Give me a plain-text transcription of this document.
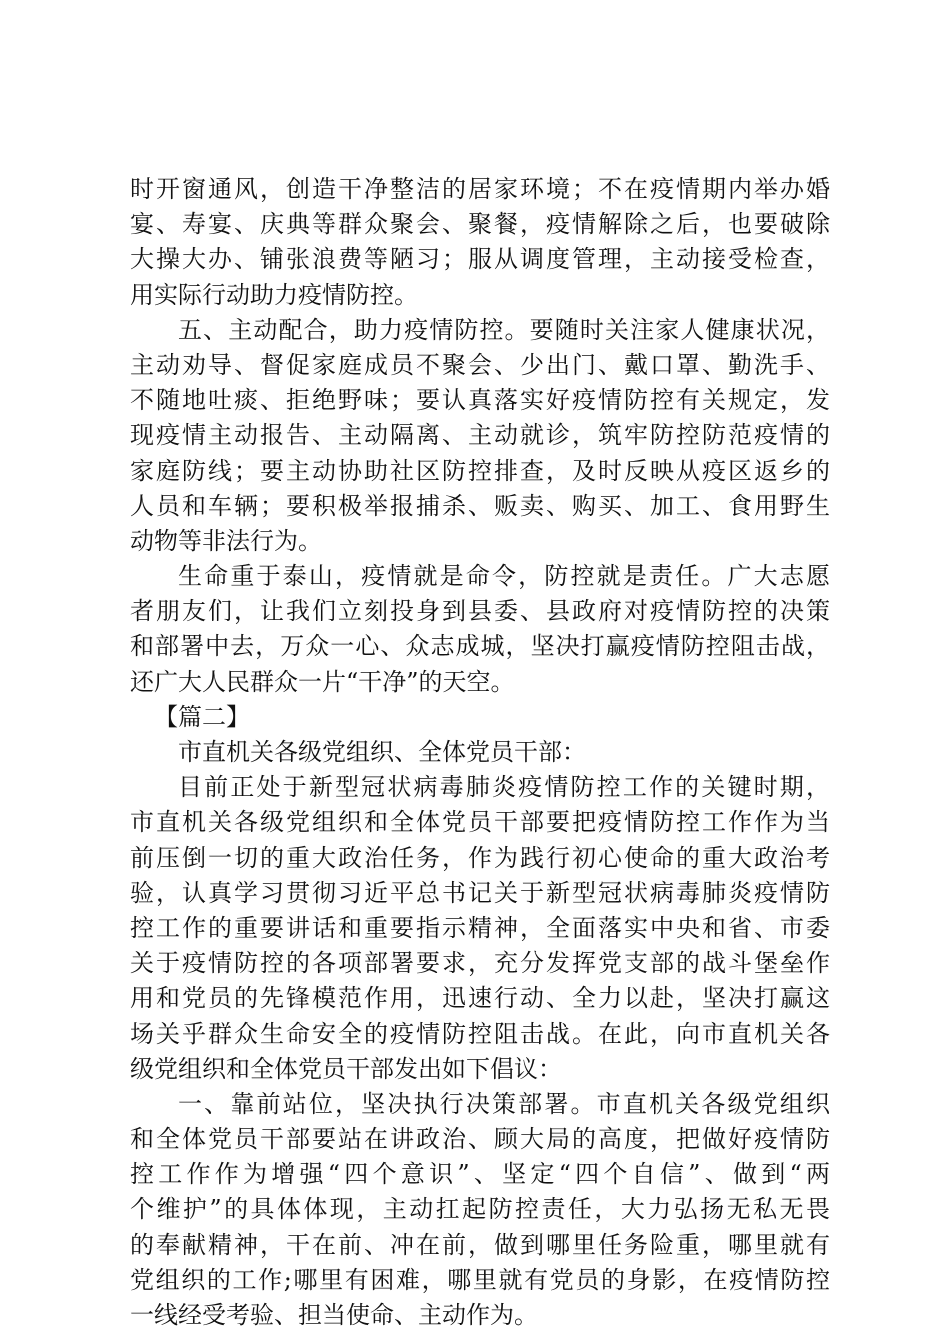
时开窗通风，创造干净整洁的居家环境；不在疫情期内举办婚
宴、寿宴、庆典等群众聚会、聚餐，疫情解除之后，也要破除
大操大办、铺张浪费等陋习；服从调度管理，主动接受检查，
用实际行动助力疫情防控。
五、主动配合，助力疫情防控。要随时关注家人健康状况，
主动劝导、督促家庭成员不聚会、少出门、戴口罩、勤洗手、
不随地吐痰、拒绝野味；要认真落实好疫情防控有关规定，发
现疫情主动报告、主动隔离、主动就诊，筑牢防控防范疫情的
家庭防线；要主动协助社区防控排查，及时反映从疫区返乡的
人员和车辆；要积极举报捕杀、贩卖、购买、加工、食用野生
动物等非法行为。
生命重于泰山，疫情就是命令，防控就是责任。广大志愿
者朋友们，让我们立刻投身到县委、县政府对疫情防控的决策
和部署中去，万众一心、众志成城，坚决打赢疫情防控阻击战，
还广大人民群众一片“干净”的天空。
【篇二】
市直机关各级党组织、全体党员干部：
目前正处于新型冠状病毒肺炎疫情防控工作的关键时期，
市直机关各级党组织和全体党员干部要把疫情防控工作作为当
前压倒一切的重大政治任务，作为践行初心使命的重大政治考
验，认真学习贯彻习近平总书记关于新型冠状病毒肺炎疫情防
控工作的重要讲话和重要指示精神，全面落实中央和省、市委
关于疫情防控的各项部署要求，充分发挥党支部的战斗堡垒作
用和党员的先锋模范作用，迅速行动、全力以赴，坚决打赢这
场关乎群众生命安全的疫情防控阻击战。在此，向市直机关各
级党组织和全体党员干部发出如下倡议：
一、靠前站位，坚决执行决策部署。市直机关各级党组织
和全体党员干部要站在讲政治、顾大局的高度，把做好疫情防
控工作作为增强“四个意识”、坚定“四个自信”、做到“两
个维护”的具体体现，主动扛起防控责任，大力弘扬无私无畏
的奉献精神，干在前、冲在前，做到哪里任务险重，哪里就有
党组织的工作;哪里有困难，哪里就有党员的身影，在疫情防控
一线经受考验、担当使命、主动作为。
